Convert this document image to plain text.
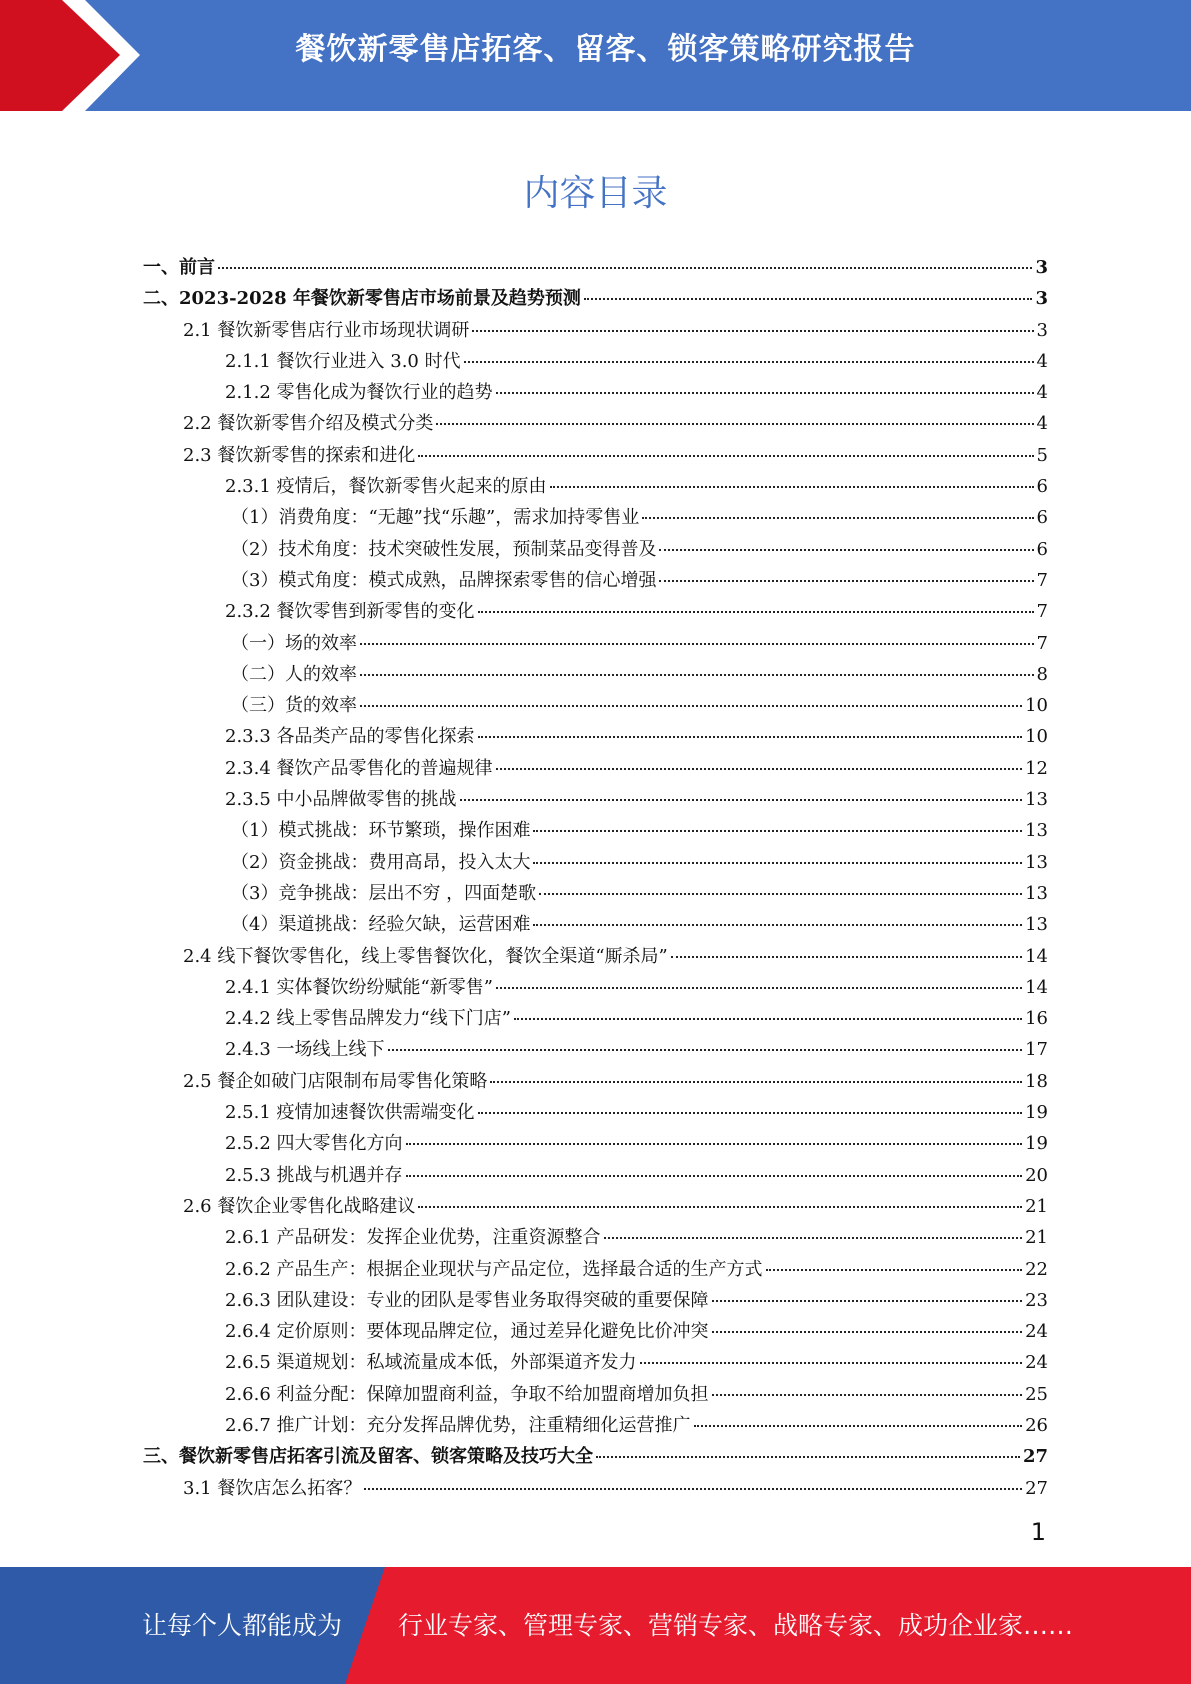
餐饮新零售店拓客、留客、锁客策略研究报告
内容目录
一、前言	3
二、2023-2028 年餐饮新零售店市场前景及趋势预测	3
2.1 餐饮新零售店行业市场现状调研	3
2.1.1 餐饮行业进入 3.0 时代	4
2.1.2 零售化成为餐饮行业的趋势	4
2.2 餐饮新零售介绍及模式分类	4
2.3 餐饮新零售的探索和进化	5
2.3.1 疫情后，餐饮新零售火起来的原由	6
（1）消费角度：“无趣”找“乐趣”，需求加持零售业	6
（2）技术角度：技术突破性发展，预制菜品变得普及	6
（3）模式角度：模式成熟，品牌探索零售的信心增强	7
2.3.2 餐饮零售到新零售的变化	7
（一）场的效率	7
（二）人的效率	8
（三）货的效率	10
2.3.3 各品类产品的零售化探索	10
2.3.4 餐饮产品零售化的普遍规律	12
2.3.5 中小品牌做零售的挑战	13
（1）模式挑战：环节繁琐，操作困难	13
（2）资金挑战：费用高昂，投入太大	13
（3）竞争挑战：层出不穷 ，四面楚歌	13
（4）渠道挑战：经验欠缺，运营困难	13
2.4 线下餐饮零售化，线上零售餐饮化，餐饮全渠道“厮杀局”	14
2.4.1 实体餐饮纷纷赋能“新零售”	14
2.4.2 线上零售品牌发力“线下门店”	16
2.4.3 一场线上线下	17
2.5 餐企如破门店限制布局零售化策略	18
2.5.1 疫情加速餐饮供需端变化	19
2.5.2 四大零售化方向	19
2.5.3 挑战与机遇并存	20
2.6 餐饮企业零售化战略建议	21
2.6.1 产品研发：发挥企业优势，注重资源整合	21
2.6.2 产品生产：根据企业现状与产品定位，选择最合适的生产方式	22
2.6.3 团队建设：专业的团队是零售业务取得突破的重要保障	23
2.6.4 定价原则：要体现品牌定位，通过差异化避免比价冲突	24
2.6.5 渠道规划：私域流量成本低，外部渠道齐发力	24
2.6.6 利益分配：保障加盟商利益，争取不给加盟商增加负担	25
2.6.7 推广计划：充分发挥品牌优势，注重精细化运营推广	26
三、餐饮新零售店拓客引流及留客、锁客策略及技巧大全	27
3.1 餐饮店怎么拓客？	27
1
让每个人都能成为 行业专家、管理专家、营销专家、战略专家、成功企业家……
